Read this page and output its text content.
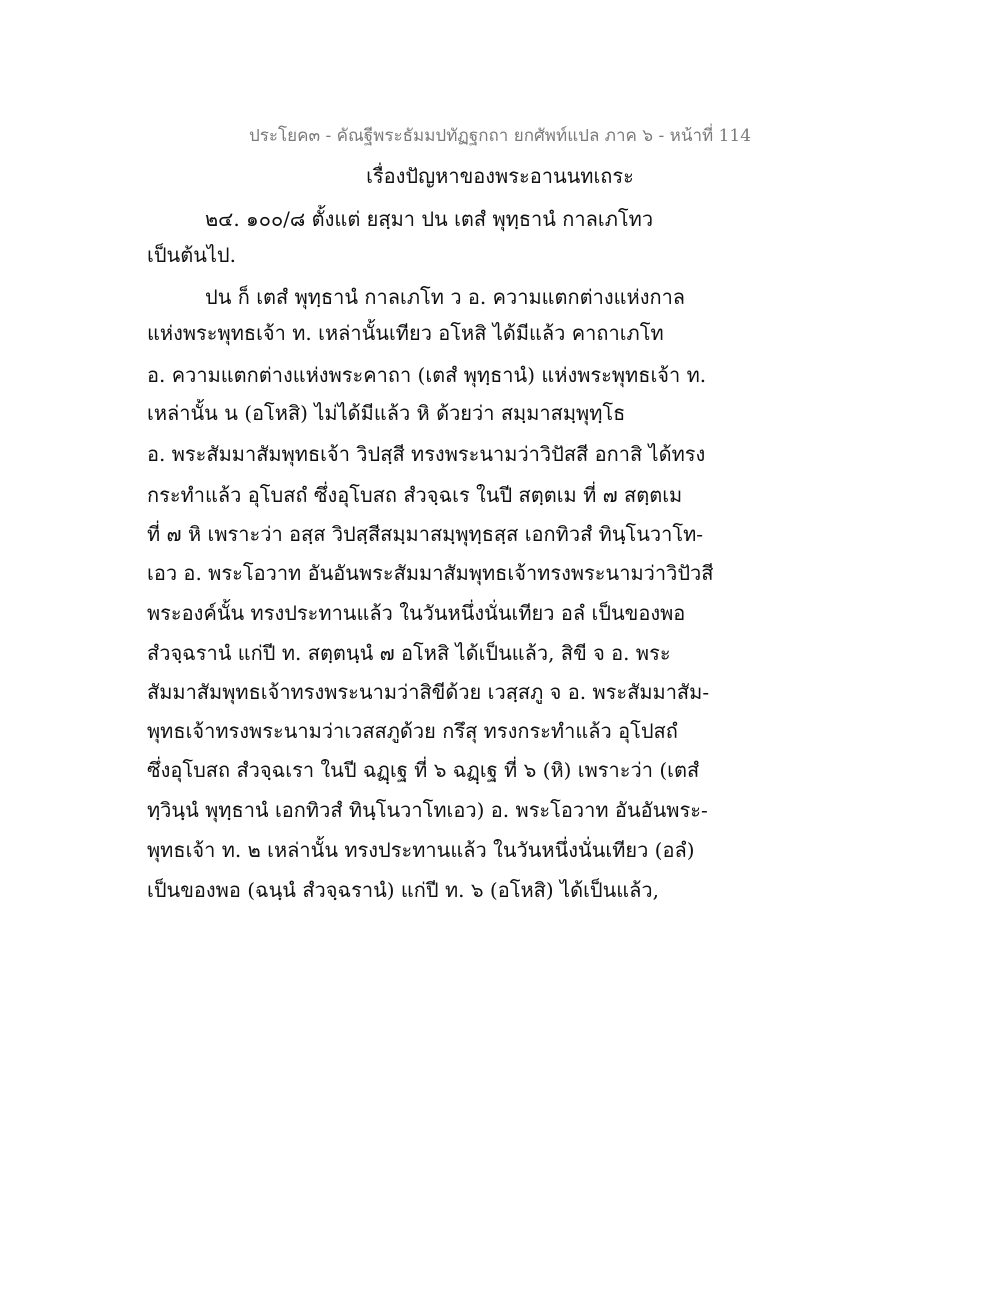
ประโยค๓ - คัณฐีพระธัมมปทัฏฐกถา ยกศัพท์แปล ภาค ๖ - หน้าที่ 114
เรื่องปัญหาของพระอานนทเถระ
๒๔. ๑๐๐/๘ ตั้งแต่ ยสฺมา ปน เตสํ พุทฺธานํ กาลเภโทว
เป็นต้นไป.
ปน ก็ เตสํ พุทฺธานํ กาลเภโท ว อ. ความแตกต่างแห่งกาล
แห่งพระพุทธเจ้า ท. เหล่านั้นเทียว อโหสิ ได้มีแล้ว คาถาเภโท
อ. ความแตกต่างแห่งพระคาถา (เตสํ พุทฺธานํ) แห่งพระพุทธเจ้า ท.
เหล่านั้น น (อโหสิ) ไม่ได้มีแล้ว หิ ด้วยว่า สมฺมาสมฺพุทฺโธ
อ. พระสัมมาสัมพุทธเจ้า วิปสฺสี ทรงพระนามว่าวิปัสสี อกาสิ ได้ทรง
กระทำแล้ว อุโบสถํ ซึ่งอุโบสถ สํวจฺฉเร ในปี สตฺตเม ที่ ๗ สตฺตเม
ที่ ๗ หิ เพราะว่า อสฺส วิปสฺสีสมฺมาสมฺพุทฺธสฺส เอกทิวสํ ทินฺโนวาโท-
เอว อ. พระโอวาท อันอันพระสัมมาสัมพุทธเจ้าทรงพระนามว่าวิปัวสี
พระองค์นั้น ทรงประทานแล้ว ในวันหนึ่งนั่นเทียว อลํ เป็นของพอ
สํวจฺฉรานํ แก่ปี ท. สตฺตนฺนํ ๗ อโหสิ ได้เป็นแล้ว, สิขี จ อ. พระ
สัมมาสัมพุทธเจ้าทรงพระนามว่าสิขีด้วย เวสฺสภู จ อ. พระสัมมาสัม-
พุทธเจ้าทรงพระนามว่าเวสสภูด้วย กรึสุ ทรงกระทำแล้ว อุโปสถํ
ซึ่งอุโบสถ สํวจฺฉเรา ในปี ฉฏฺเฐ ที่ ๖ ฉฏฺเฐ ที่ ๖ (หิ) เพราะว่า (เตสํ
ทฺวินฺนํ พุทฺธานํ เอกทิวสํ ทินฺโนวาโทเอว) อ. พระโอวาท อันอันพระ-
พุทธเจ้า ท. ๒ เหล่านั้น ทรงประทานแล้ว ในวันหนึ่งนั่นเทียว (อลํ)
เป็นของพอ (ฉนฺนํ สํวจฺฉรานํ) แก่ปี ท. ๖ (อโหสิ) ได้เป็นแล้ว,
